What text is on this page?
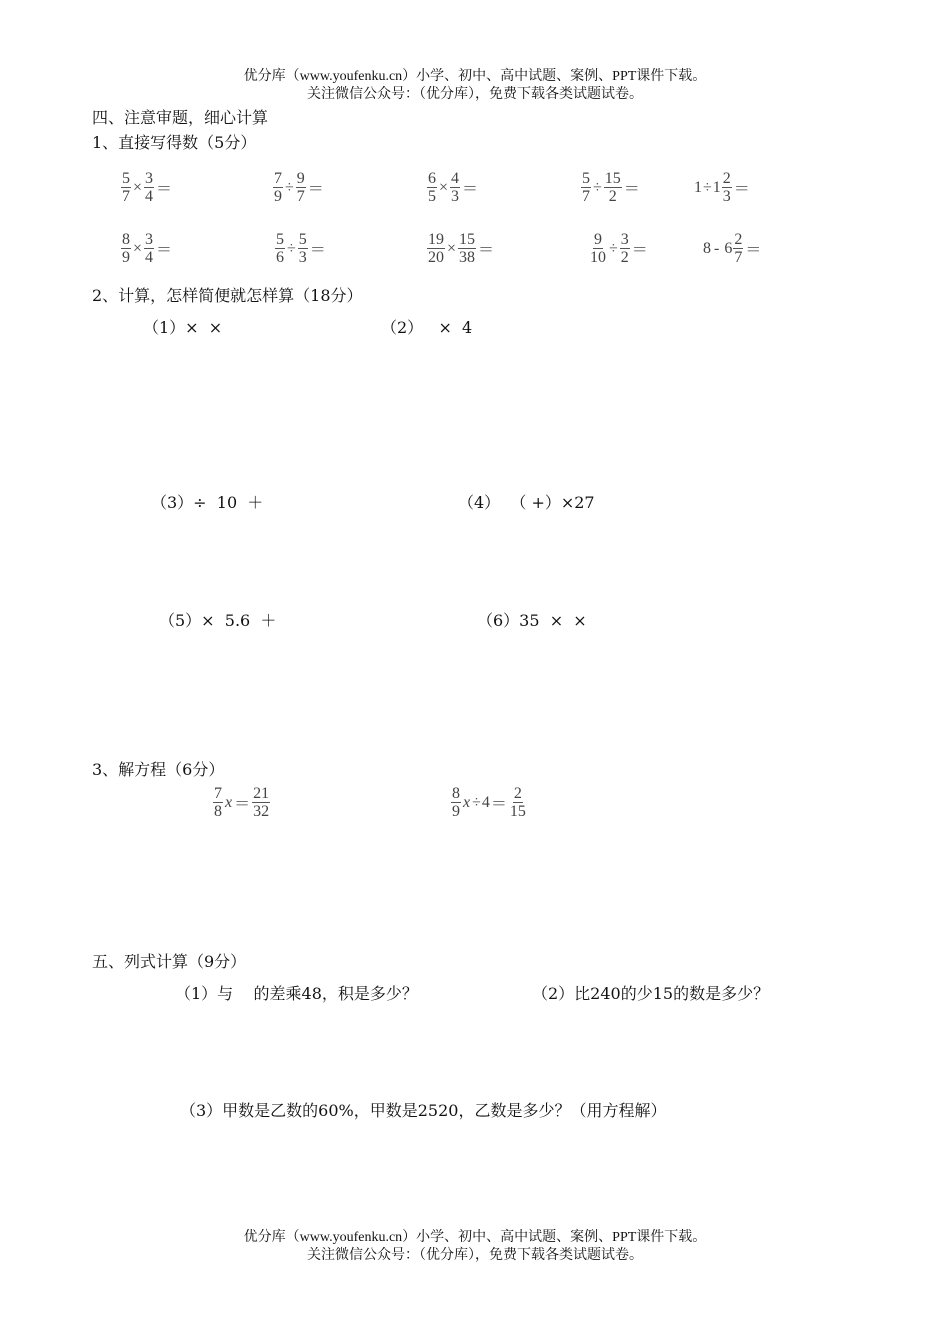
优分库（www.youfenku.cn）小学、初中、高中试题、案例、PPT课件下载。
关注微信公众号：（优分库），免费下载各类试题试卷。
四、注意审题，细心计算
1、直接写得数（5分）
$\frac{5}{7} \times \frac{3}{4}$ ＝	$\frac{7}{9} \div \frac{9}{7}$ ＝	$\frac{6}{5} \times \frac{4}{3}$ ＝	$\frac{5}{7} \div \frac{15}{2}$ ＝	$1 \div 1 \frac{2}{3}$ ＝
$\frac{8}{9} \times \frac{3}{4}$ ＝	$\frac{5}{6} \div \frac{5}{3}$ ＝	$\frac{19}{20} \times \frac{15}{38}$ ＝	$\frac{9}{10} \div \frac{3}{2}$ ＝	$8 - 6 \frac{2}{7}$ ＝
2、计算，怎样简便就怎样算（18分）
（1）×  ×	（2）   ×  4
（3）÷  10  ＋	（4）  （ +）×27
（5）×  5.6  ＋	（6）35  ×  ×
3、解方程（6分）
$\frac{7}{8}$ $x = \frac{21}{32}$	$\frac{8}{9}$ $x \div 4 = \frac{2}{15}$
五、列式计算（9分）
（1）与    的差乘48，积是多少？	（2）比240的少15的数是多少？
（3）甲数是乙数的60%，甲数是2520，乙数是多少？（用方程解）
优分库（www.youfenku.cn）小学、初中、高中试题、案例、PPT课件下载。
关注微信公众号：（优分库），免费下载各类试题试卷。
